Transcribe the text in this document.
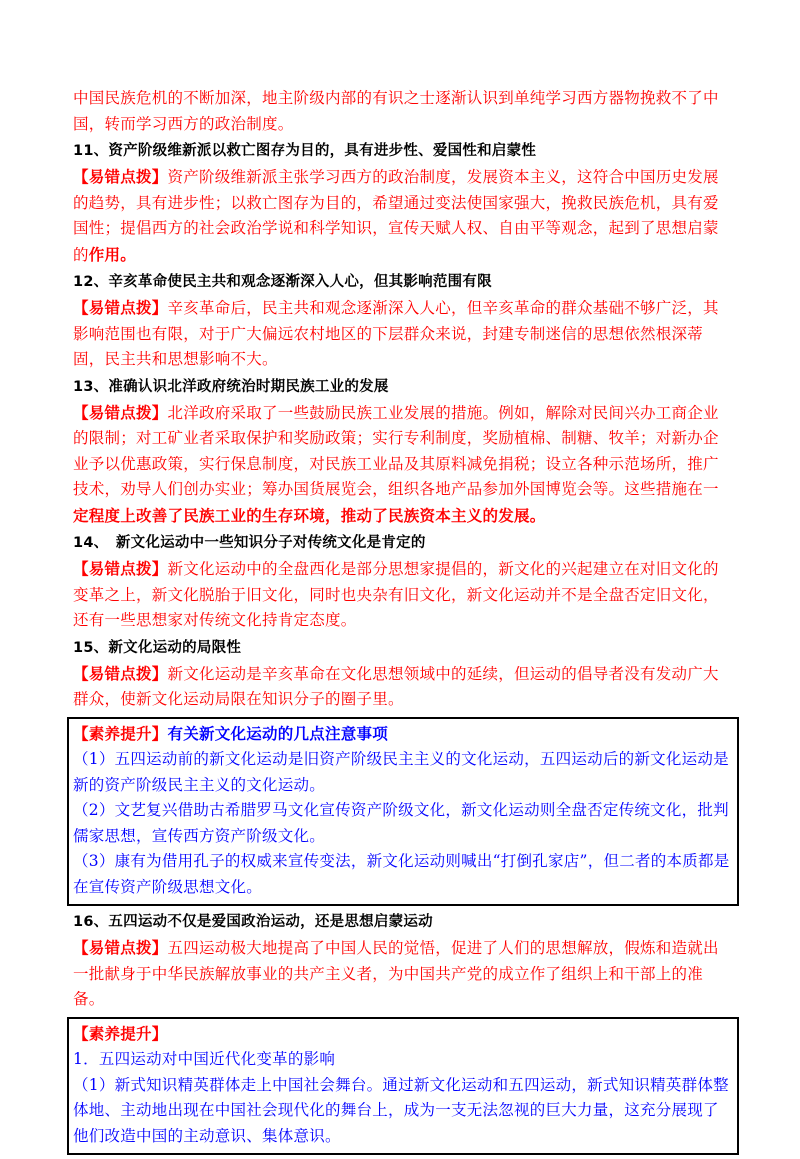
中国民族危机的不断加深，地主阶级内部的有识之士逐渐认识到单纯学习西方器物挽救不了中国，转而学习西方的政治制度。

11、资产阶级维新派以救亡图存为目的，具有进步性、爱国性和启蒙性

【易错点拨】资产阶级维新派主张学习西方的政治制度，发展资本主义，这符合中国历史发展的趋势，具有进步性；以救亡图存为目的，希望通过变法使国家强大，挽救民族危机，具有爱国性；提倡西方的社会政治学说和科学知识，宣传天赋人权、自由平等观念，起到了思想启蒙的作用。

12、辛亥革命使民主共和观念逐渐深入人心，但其影响范围有限

【易错点拨】辛亥革命后，民主共和观念逐渐深入人心，但辛亥革命的群众基础不够广泛，其影响范围也有限，对于广大偏远农村地区的下层群众来说，封建专制迷信的思想依然根深蒂固，民主共和思想影响不大。

13、准确认识北洋政府统治时期民族工业的发展

【易错点拨】北洋政府采取了一些鼓励民族工业发展的措施。例如，解除对民间兴办工商企业的限制；对工矿业者采取保护和奖励政策；实行专利制度，奖励植棉、制糖、牧羊；对新办企业予以优惠政策，实行保息制度，对民族工业品及其原料减免捐税；设立各种示范场所，推广技术，劝导人们创办实业；筹办国货展览会，组织各地产品参加外国博览会等。这些措施在一定程度上改善了民族工业的生存环境，推动了民族资本主义的发展。

14、　新文化运动中一些知识分子对传统文化是肯定的

【易错点拨】新文化运动中的全盘西化是部分思想家提倡的，新文化的兴起建立在对旧文化的变革之上，新文化脱胎于旧文化，同时也央杂有旧文化，新文化运动并不是全盘否定旧文化，还有一些思想家对传统文化持肯定态度。

15、新文化运动的局限性

【易错点拨】新文化运动是辛亥革命在文化思想领域中的延续，但运动的倡导者没有发动广大群众，使新文化运动局限在知识分子的圈子里。

【素养提升】有关新文化运动的几点注意事项

（1）五四运动前的新文化运动是旧资产阶级民主主义的文化运动，五四运动后的新文化运动是新的资产阶级民主主义的文化运动。

（2）文艺复兴借助古希腊罗马文化宣传资产阶级文化，新文化运动则全盘否定传统文化，批判儒家思想，宣传西方资产阶级文化。

（3）康有为借用孔子的权威来宣传变法，新文化运动则喊出“打倒孔家店”，但二者的本质都是在宣传资产阶级思想文化。

16、五四运动不仅是爱国政治运动，还是思想启蒙运动

【易错点拨】五四运动极大地提高了中国人民的觉悟，促进了人们的思想解放，假炼和造就出一批献身于中华民族解放事业的共产主义者，为中国共产党的成立作了组织上和干部上的准备。

【素养提升】

1．五四运动对中国近代化变革的影响

（1）新式知识精英群体走上中国社会舞台。通过新文化运动和五四运动，新式知识精英群体整体地、主动地出现在中国社会现代化的舞台上，成为一支无法忽视的巨大力量，这充分展现了他们改造中国的主动意识、集体意识。
